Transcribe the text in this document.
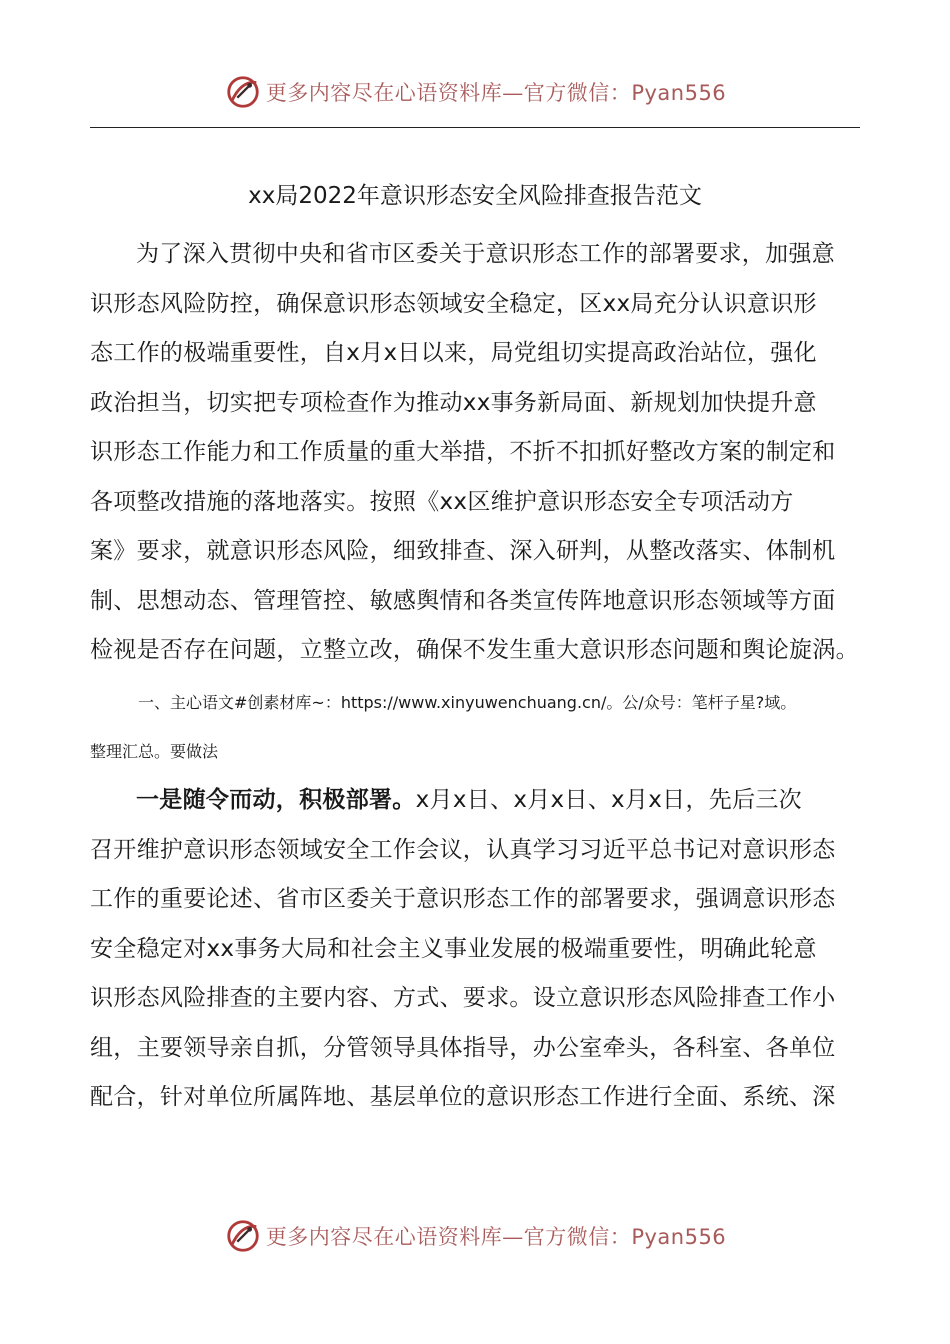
更多内容尽在心语资料库—官方微信：Pyan556
xx局2022年意识形态安全风险排查报告范文

为了深入贯彻中央和省市区委关于意识形态工作的部署要求，加强意
识形态风险防控，确保意识形态领域安全稳定，区xx局充分认识意识形
态工作的极端重要性，自x月x日以来，局党组切实提高政治站位，强化
政治担当，切实把专项检查作为推动xx事务新局面、新规划加快提升意
识形态工作能力和工作质量的重大举措，不折不扣抓好整改方案的制定和
各项整改措施的落地落实。按照《xx区维护意识形态安全专项活动方
案》要求，就意识形态风险，细致排查、深入研判，从整改落实、体制机
制、思想动态、管理管控、敏感舆情和各类宣传阵地意识形态领域等方面
检视是否存在问题，立整立改，确保不发生重大意识形态问题和舆论旋涡。

一、主心语文#创素材库~：https://www.xinyuwenchuang.cn/。公/众号：笔杆子星?域。
整理汇总。要做法

一是随令而动，积极部署。x月x日、x月x日、x月x日，先后三次
召开维护意识形态领域安全工作会议，认真学习习近平总书记对意识形态
工作的重要论述、省市区委关于意识形态工作的部署要求，强调意识形态
安全稳定对xx事务大局和社会主义事业发展的极端重要性，明确此轮意
识形态风险排查的主要内容、方式、要求。设立意识形态风险排查工作小
组，主要领导亲自抓，分管领导具体指导，办公室牵头，各科室、各单位
配合，针对单位所属阵地、基层单位的意识形态工作进行全面、系统、深

更多内容尽在心语资料库—官方微信：Pyan556
